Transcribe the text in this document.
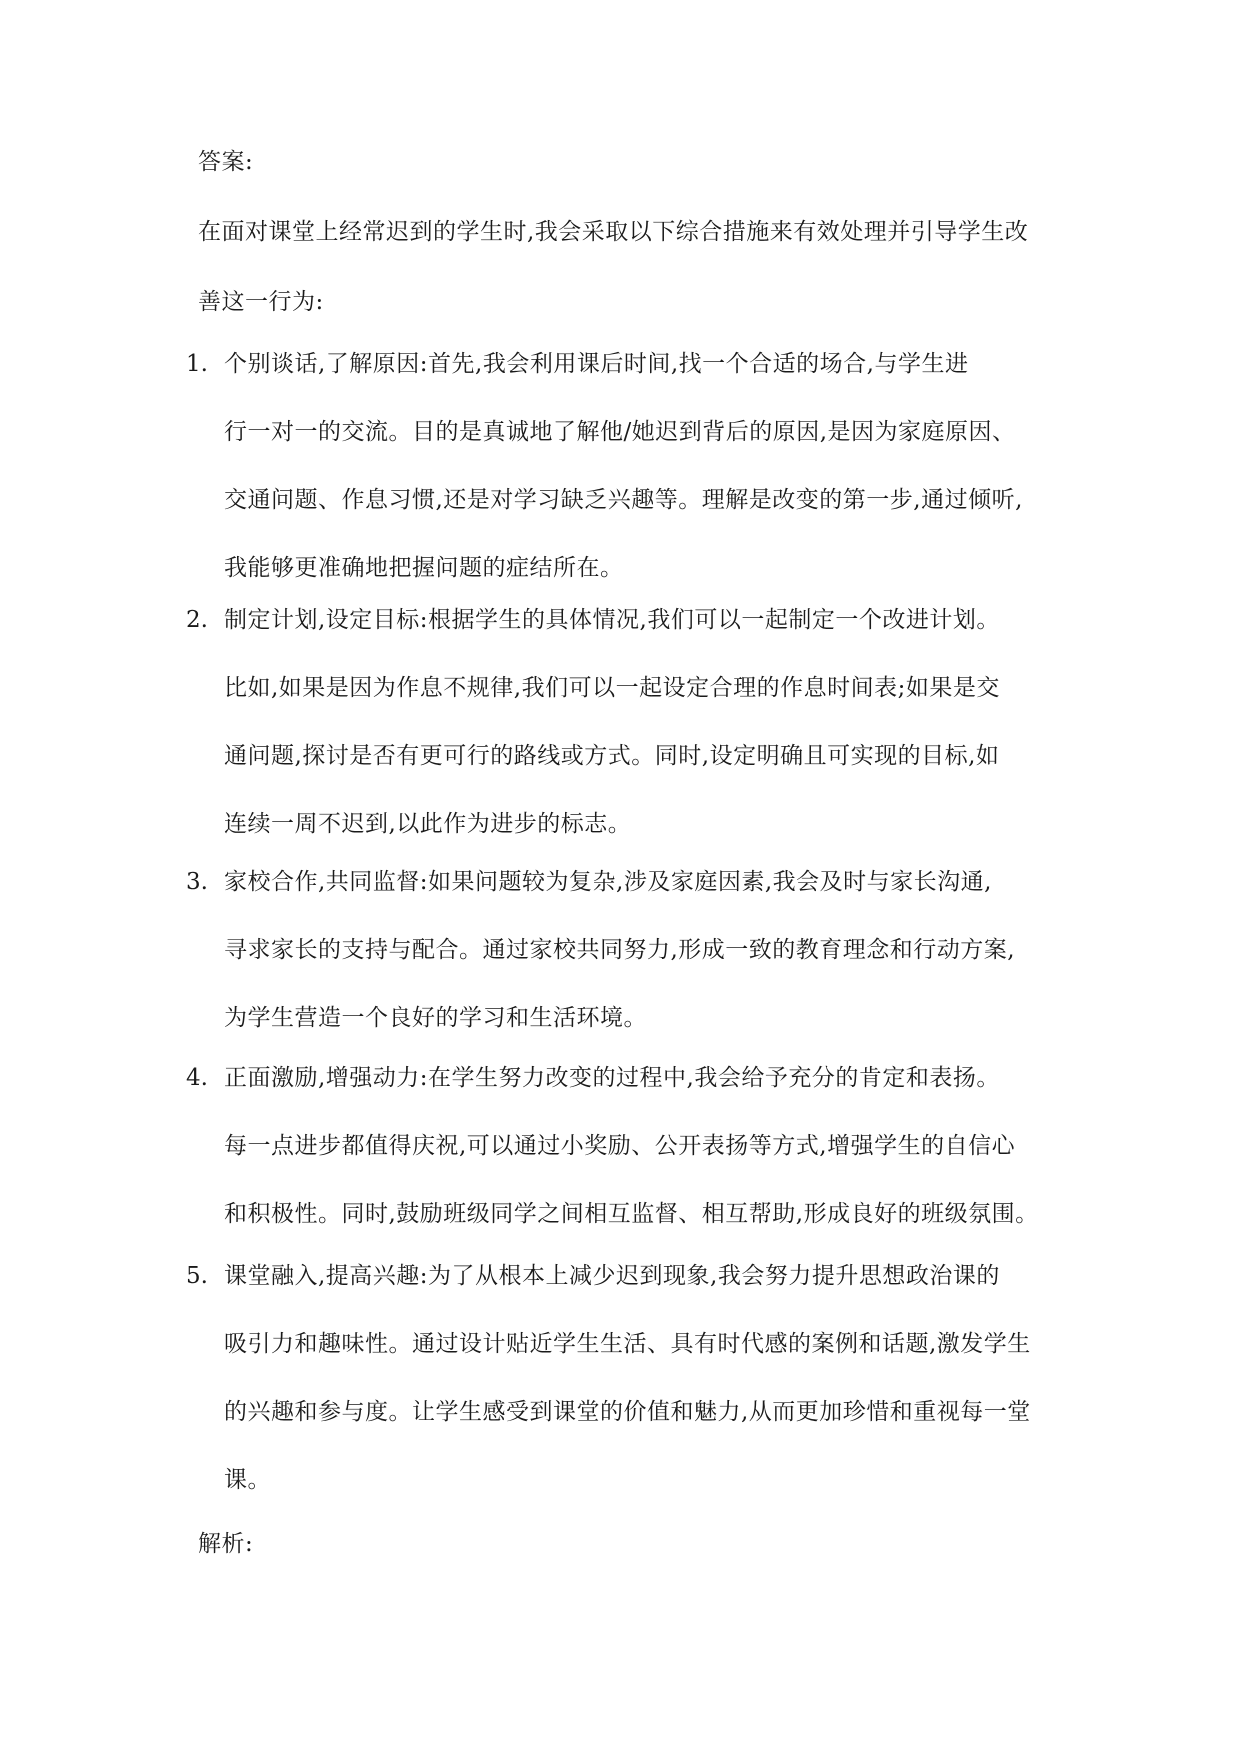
答案:
在面对课堂上经常迟到的学生时,我会采取以下综合措施来有效处理并引导学生改
善这一行为:
1. 个别谈话,了解原因:首先,我会利用课后时间,找一个合适的场合,与学生进
行一对一的交流。目的是真诚地了解他/她迟到背后的原因,是因为家庭原因、
交通问题、作息习惯,还是对学习缺乏兴趣等。理解是改变的第一步,通过倾听,
我能够更准确地把握问题的症结所在。
2. 制定计划,设定目标:根据学生的具体情况,我们可以一起制定一个改进计划。
比如,如果是因为作息不规律,我们可以一起设定合理的作息时间表;如果是交
通问题,探讨是否有更可行的路线或方式。同时,设定明确且可实现的目标,如
连续一周不迟到,以此作为进步的标志。
3. 家校合作,共同监督:如果问题较为复杂,涉及家庭因素,我会及时与家长沟通,
寻求家长的支持与配合。通过家校共同努力,形成一致的教育理念和行动方案,
为学生营造一个良好的学习和生活环境。
4. 正面激励,增强动力:在学生努力改变的过程中,我会给予充分的肯定和表扬。
每一点进步都值得庆祝,可以通过小奖励、公开表扬等方式,增强学生的自信心
和积极性。同时,鼓励班级同学之间相互监督、相互帮助,形成良好的班级氛围。
5. 课堂融入,提高兴趣:为了从根本上减少迟到现象,我会努力提升思想政治课的
吸引力和趣味性。通过设计贴近学生生活、具有时代感的案例和话题,激发学生
的兴趣和参与度。让学生感受到课堂的价值和魅力,从而更加珍惜和重视每一堂
课。
解析:
